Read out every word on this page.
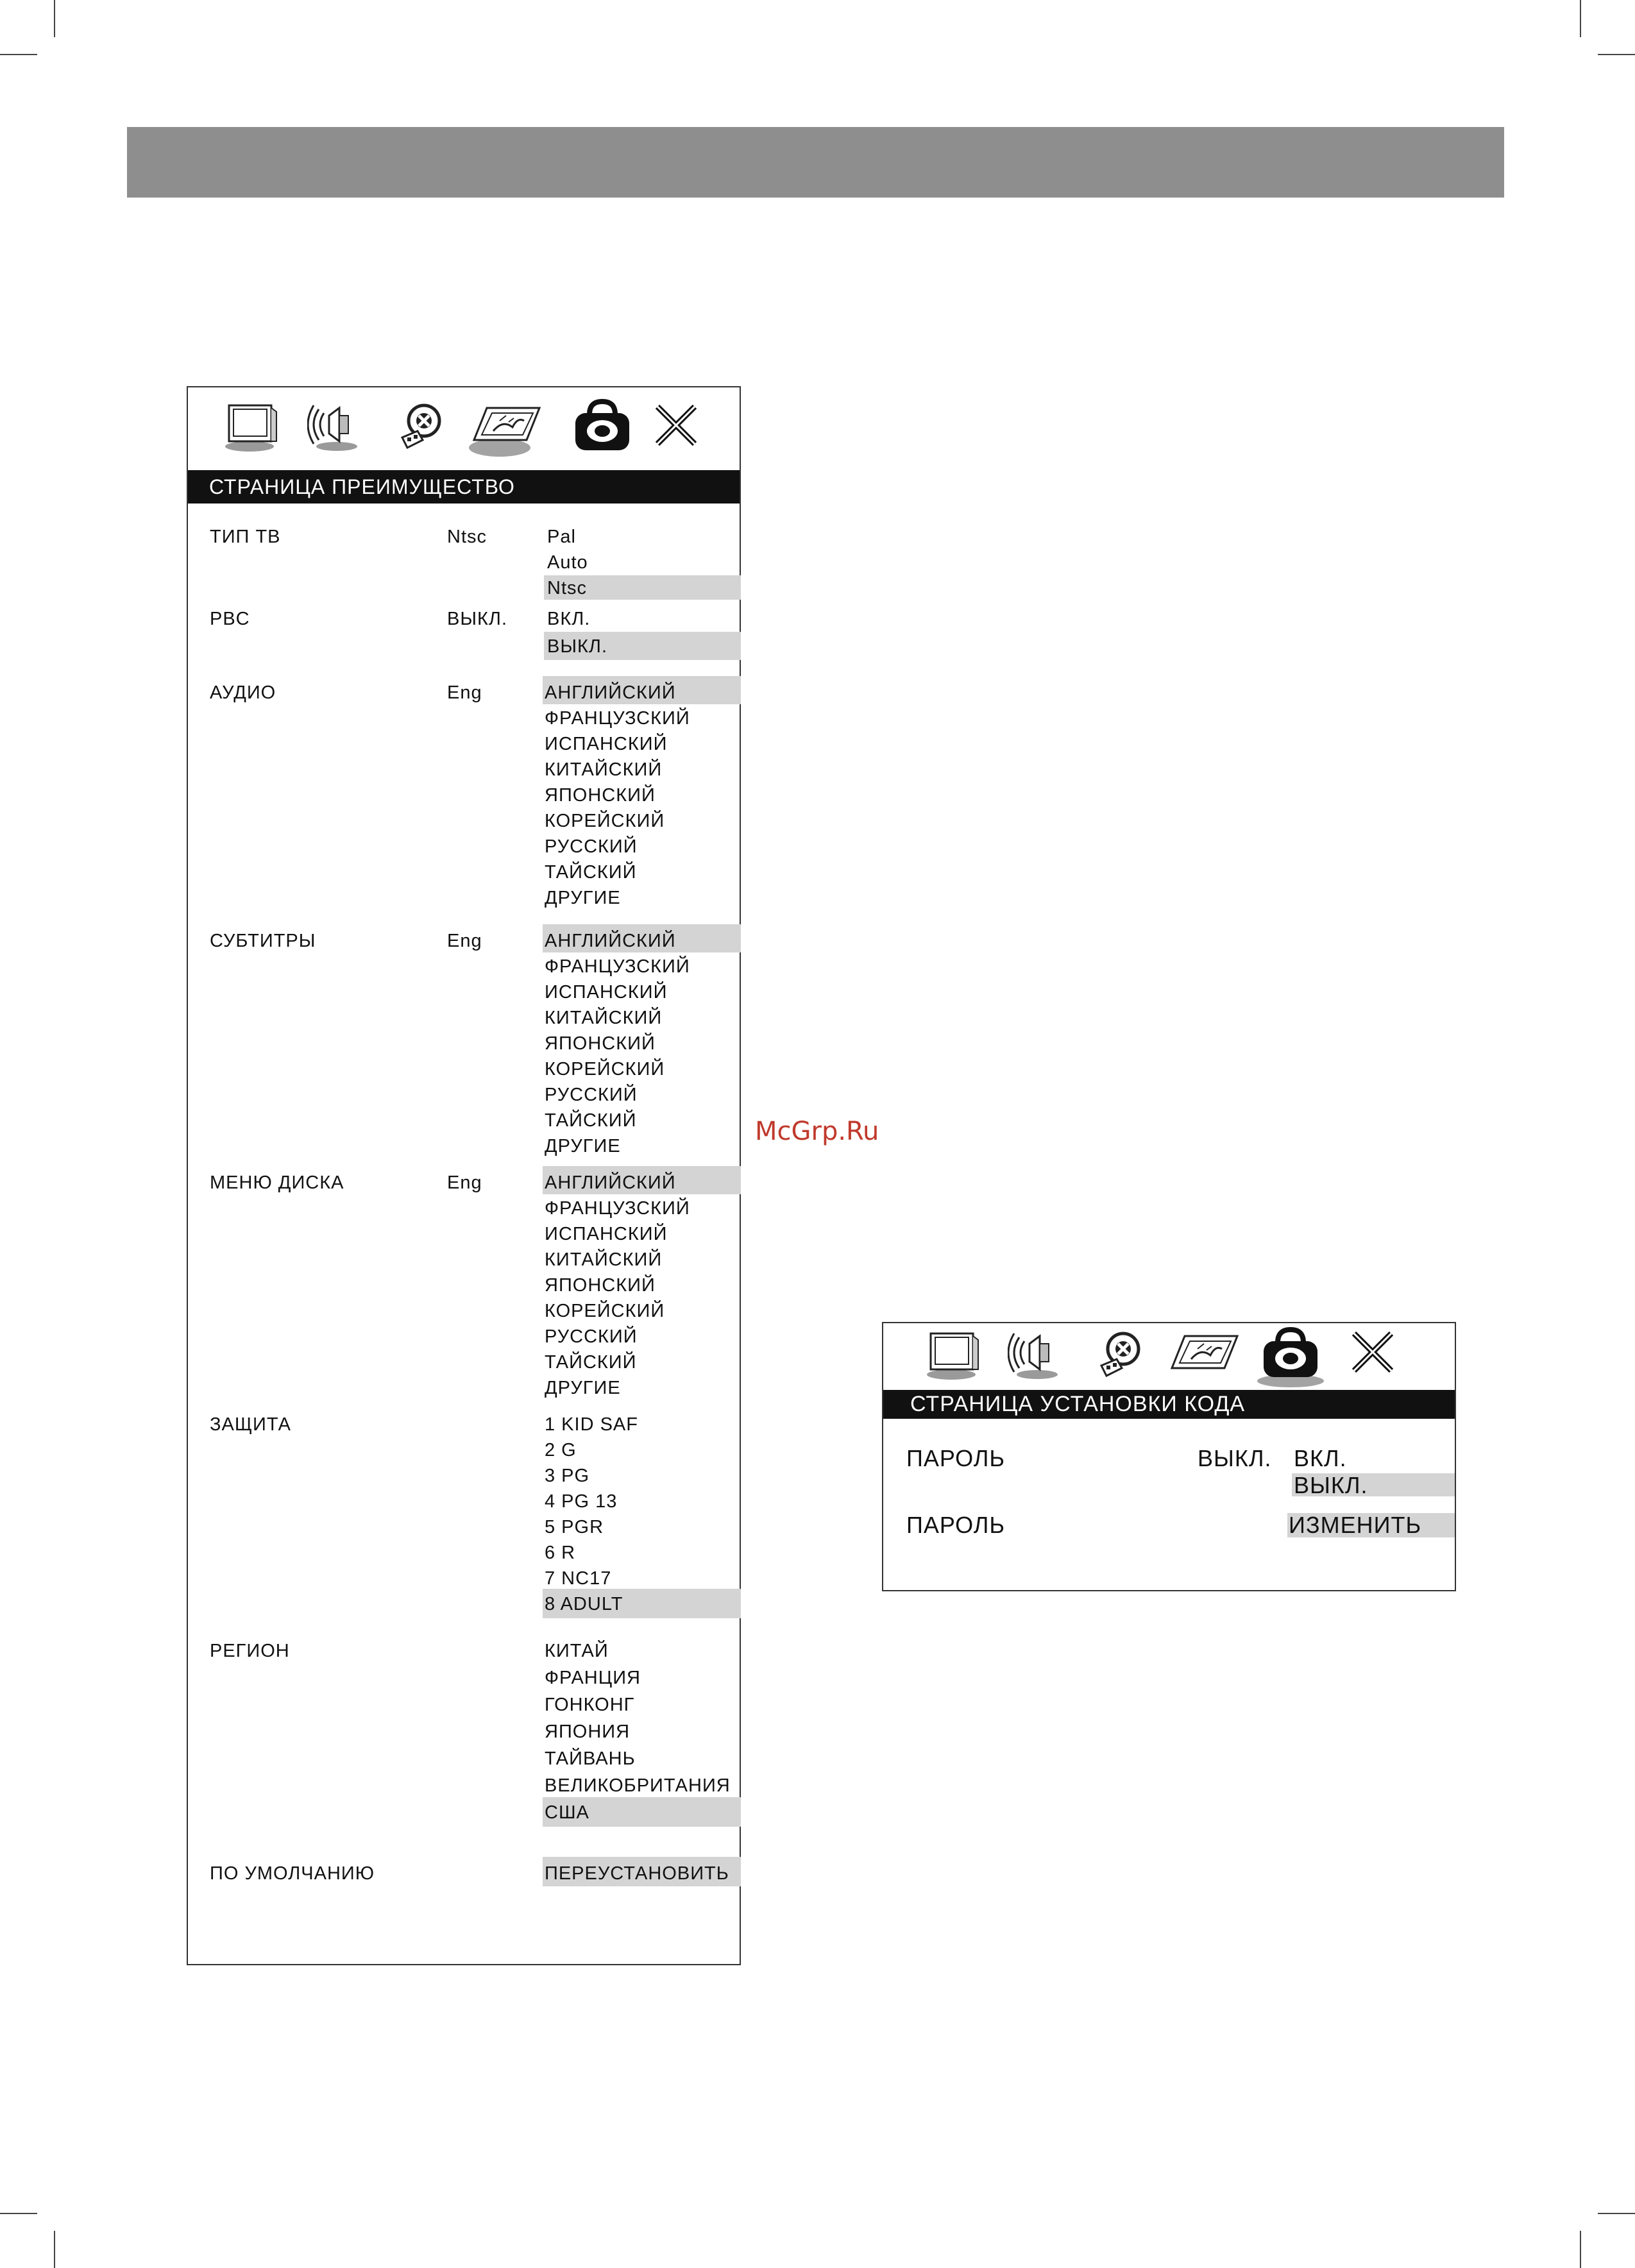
McGrp.Ru
СТРАНИЦА ПРЕИМУЩЕСТВО
ТИП ТВ	Ntsc	Pal
Auto
Ntsc
PBC	ВЫКЛ. ВКЛ.
ВЫКЛ.
АУДИО	Eng	АНГЛИЙСКИЙ
ФРАНЦУЗСКИЙ
ИСПАНСКИЙ
КИТАЙСКИЙ
ЯПОНСКИЙ
КОРЕЙСКИЙ
РУССКИЙ
ТАЙСКИЙ
ДРУГИЕ
СУБТИТРЫ	Eng	АНГЛИЙСКИЙ
ФРАНЦУЗСКИЙ
ИСПАНСКИЙ
КИТАЙСКИЙ
ЯПОНСКИЙ
КОРЕЙСКИЙ
РУССКИЙ
ТАЙСКИЙ
ДРУГИЕ
МЕНЮ ДИСКА	Eng	АНГЛИЙСКИЙ
ФРАНЦУЗСКИЙ
ИСПАНСКИЙ
КИТАЙСКИЙ
ЯПОНСКИЙ
КОРЕЙСКИЙ
РУССКИЙ
ТАЙСКИЙ
ДРУГИЕ
ЗАЩИТА	1 KID SAF
2 G
3 PG
4 PG 13
5 PGR
6 R
7 NC17
8 ADULT
РЕГИОН	КИТАЙ
ФРАНЦИЯ
ГОНКОНГ
ЯПОНИЯ
ТАЙВАНЬ
ВЕЛИКОБРИТАНИЯ
США
ПО УМОЛЧАНИЮ	ПЕРЕУСТАНОВИТЬ
СТРАНИЦА УСТАНОВКИ КОДА
ПАРОЛЬ	ВЫКЛ. ВКЛ.
ВЫКЛ.
ПАРОЛЬ	ИЗМЕНИТЬ
